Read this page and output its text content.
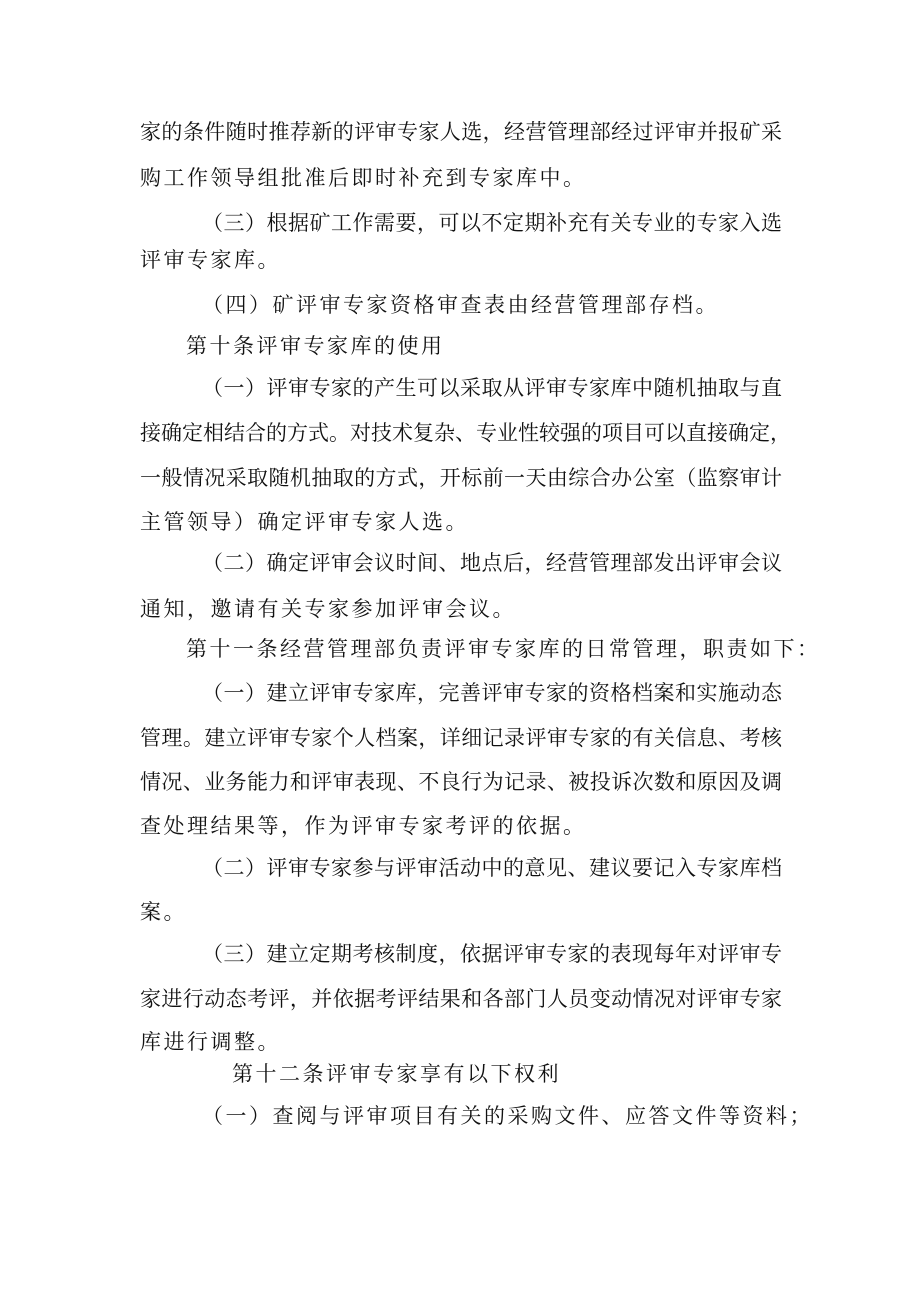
家的条件随时推荐新的评审专家人选，经营管理部经过评审并报矿采
购工作领导组批准后即时补充到专家库中。
（三）根据矿工作需要，可以不定期补充有关专业的专家入选
评审专家库。
（四）矿评审专家资格审查表由经营管理部存档。
第十条评审专家库的使用
（一）评审专家的产生可以采取从评审专家库中随机抽取与直
接确定相结合的方式。对技术复杂、专业性较强的项目可以直接确定，
一般情况采取随机抽取的方式，开标前一天由综合办公室（监察审计
主管领导）确定评审专家人选。
（二）确定评审会议时间、地点后，经营管理部发出评审会议
通知，邀请有关专家参加评审会议。
第十一条经营管理部负责评审专家库的日常管理，职责如下：
（一）建立评审专家库，完善评审专家的资格档案和实施动态
管理。建立评审专家个人档案，详细记录评审专家的有关信息、考核
情况、业务能力和评审表现、不良行为记录、被投诉次数和原因及调
查处理结果等，作为评审专家考评的依据。
（二）评审专家参与评审活动中的意见、建议要记入专家库档
案。
（三）建立定期考核制度，依据评审专家的表现每年对评审专
家进行动态考评，并依据考评结果和各部门人员变动情况对评审专家
库进行调整。
第十二条评审专家享有以下权利
（一）查阅与评审项目有关的采购文件、应答文件等资料；
